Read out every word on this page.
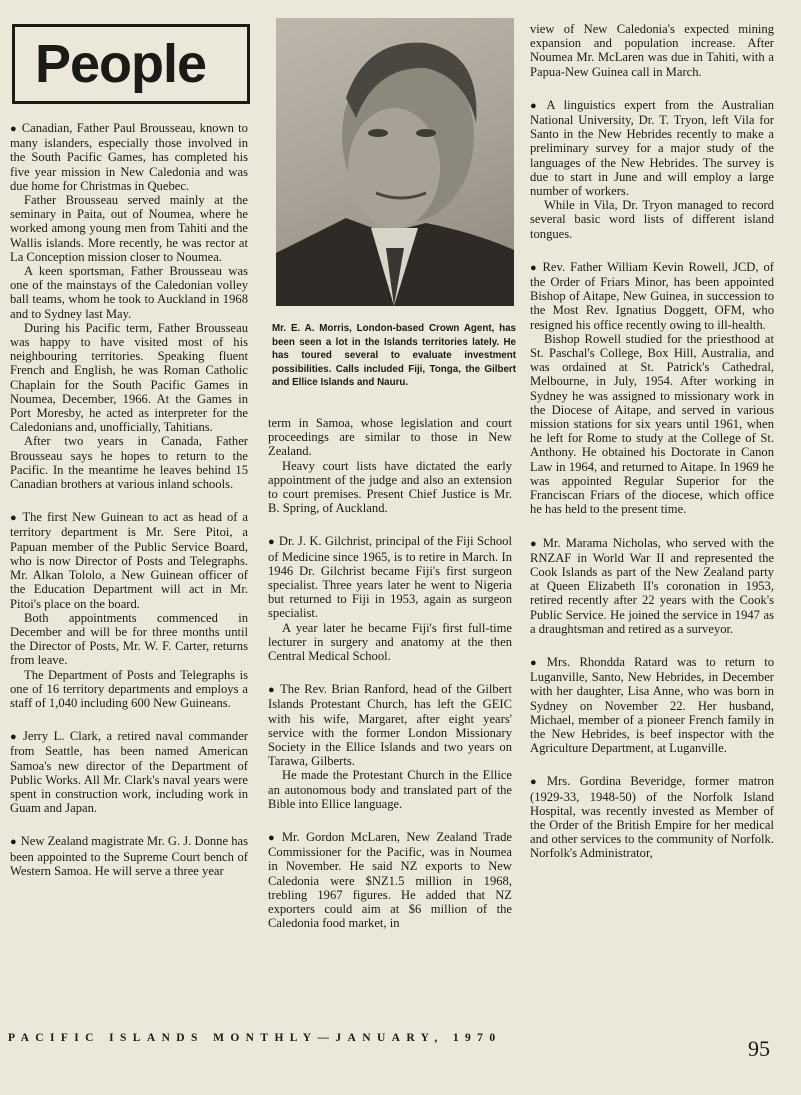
People
Mr. E. A. Morris, London-based Crown Agent, has been seen a lot in the Islands territories lately. He has toured several to evaluate investment possibilities. Calls included Fiji, Tonga, the Gilbert and Ellice Islands and Nauru.

● Canadian, Father Paul Brousseau, known to many islanders, especially those involved in the South Pacific Games, has completed his five year mission in New Caledonia and was due home for Christmas in Quebec.

Father Brousseau served mainly at the seminary in Paita, out of Noumea, where he worked among young men from Tahiti and the Wallis islands. More recently, he was rector at La Conception mission closer to Noumea.

A keen sportsman, Father Brousseau was one of the mainstays of the Caledonian volley ball teams, whom he took to Auckland in 1968 and to Sydney last May.

During his Pacific term, Father Brousseau was happy to have visited most of his neighbouring territories. Speaking fluent French and English, he was Roman Catholic Chaplain for the South Pacific Games in Noumea, December, 1966. At the Games in Port Moresby, he acted as interpreter for the Caledonians and, unofficially, Tahitians.

After two years in Canada, Father Brousseau says he hopes to return to the Pacific. In the meantime he leaves behind 15 Canadian brothers at various inland schools.

● The first New Guinean to act as head of a territory department is Mr. Sere Pitoi, a Papuan member of the Public Service Board, who is now Director of Posts and Telegraphs. Mr. Alkan Tololo, a New Guinean officer of the Education Department will act in Mr. Pitoi's place on the board.

Both appointments commenced in December and will be for three months until the Director of Posts, Mr. W. F. Carter, returns from leave.

The Department of Posts and Telegraphs is one of 16 territory departments and employs a staff of 1,040 including 600 New Guineans.

● Jerry L. Clark, a retired naval commander from Seattle, has been named American Samoa's new director of the Department of Public Works. All Mr. Clark's naval years were spent in construction work, including work in Guam and Japan.

● New Zealand magistrate Mr. G. J. Donne has been appointed to the Supreme Court bench of Western Samoa. He will serve a three year

term in Samoa, whose legislation and court proceedings are similar to those in New Zealand.

Heavy court lists have dictated the early appointment of the judge and also an extension to court premises. Present Chief Justice is Mr. B. Spring, of Auckland.

● Dr. J. K. Gilchrist, principal of the Fiji School of Medicine since 1965, is to retire in March. In 1946 Dr. Gilchrist became Fiji's first surgeon specialist. Three years later he went to Nigeria but returned to Fiji in 1953, again as surgeon specialist.

A year later he became Fiji's first full-time lecturer in surgery and anatomy at the then Central Medical School.

● The Rev. Brian Ranford, head of the Gilbert Islands Protestant Church, has left the GEIC with his wife, Margaret, after eight years' service with the former London Missionary Society in the Ellice Islands and two years on Tarawa, Gilberts.

He made the Protestant Church in the Ellice an autonomous body and translated part of the Bible into Ellice language.

● Mr. Gordon McLaren, New Zealand Trade Commissioner for the Pacific, was in Noumea in November. He said NZ exports to New Caledonia were $NZ1.5 million in 1968, trebling 1967 figures. He added that NZ exporters could aim at $6 million of the Caledonia food market, in

view of New Caledonia's expected mining expansion and population increase. After Noumea Mr. McLaren was due in Tahiti, with a Papua-New Guinea call in March.

● A linguistics expert from the Australian National University, Dr. T. Tryon, left Vila for Santo in the New Hebrides recently to make a preliminary survey for a major study of the languages of the New Hebrides. The survey is due to start in June and will employ a large number of workers.

While in Vila, Dr. Tryon managed to record several basic word lists of different island tongues.

● Rev. Father William Kevin Rowell, JCD, of the Order of Friars Minor, has been appointed Bishop of Aitape, New Guinea, in succession to the Most Rev. Ignatius Doggett, OFM, who resigned his office recently owing to ill-health.

Bishop Rowell studied for the priesthood at St. Paschal's College, Box Hill, Australia, and was ordained at St. Patrick's Cathedral, Melbourne, in July, 1954. After working in Sydney he was assigned to missionary work in the Diocese of Aitape, and served in various mission stations for six years until 1961, when he left for Rome to study at the College of St. Anthony. He obtained his Doctorate in Canon Law in 1964, and returned to Aitape. In 1969 he was appointed Regular Superior for the Franciscan Friars of the diocese, which office he has held to the present time.

● Mr. Marama Nicholas, who served with the RNZAF in World War II and represented the Cook Islands as part of the New Zealand party at Queen Elizabeth II's coronation in 1953, retired recently after 22 years with the Cook's Public Service. He joined the service in 1947 as a draughtsman and retired as a surveyor.

● Mrs. Rhondda Ratard was to return to Luganville, Santo, New Hebrides, in December with her daughter, Lisa Anne, who was born in Sydney on November 22. Her husband, Michael, member of a pioneer French family in the New Hebrides, is beef inspector with the Agriculture Department, at Luganville.

● Mrs. Gordina Beveridge, former matron (1929-33, 1948-50) of the Norfolk Island Hospital, was recently invested as Member of the Order of the British Empire for her medical and other services to the community of Norfolk. Norfolk's Administrator,

PACIFIC ISLANDS MONTHLY—JANUARY, 1970	95
